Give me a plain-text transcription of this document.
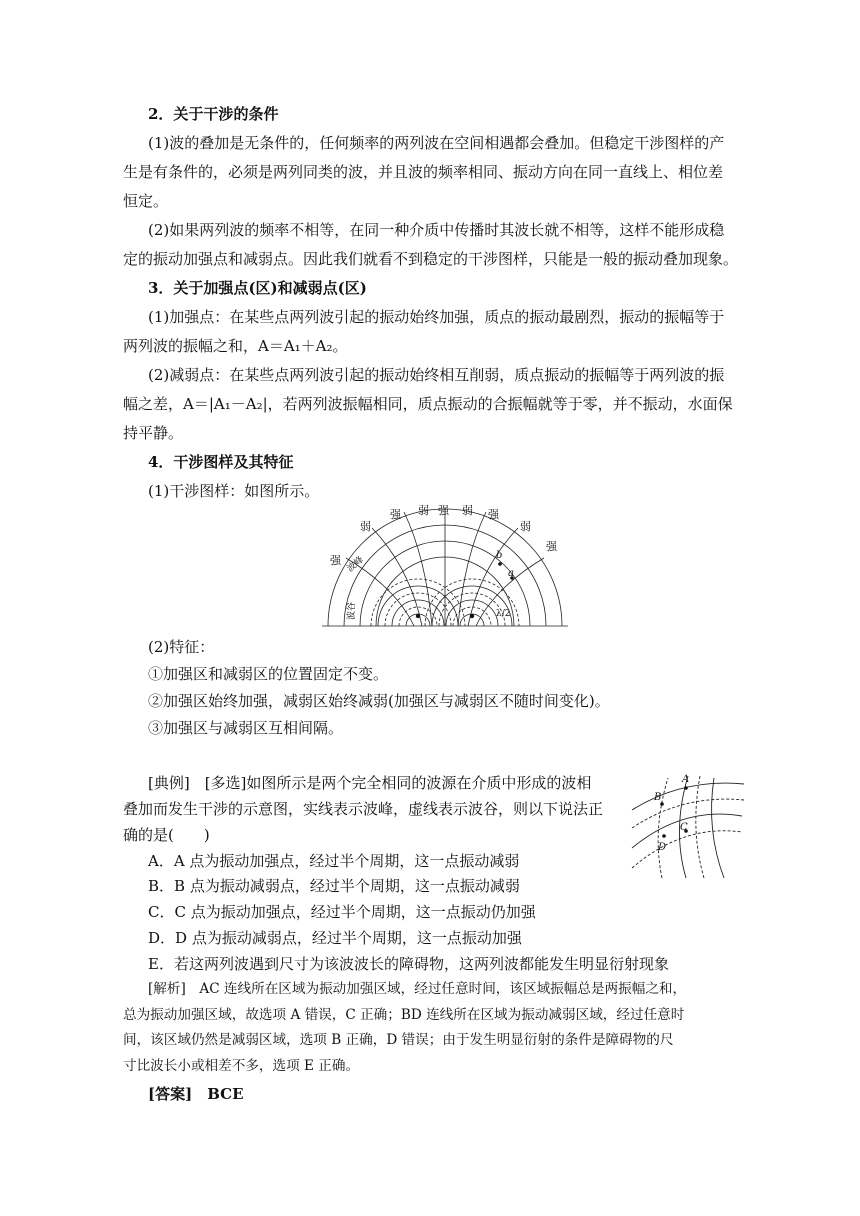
2．关于干涉的条件
(1)波的叠加是无条件的，任何频率的两列波在空间相遇都会叠加。但稳定干涉图样的产
生是有条件的，必须是两列同类的波，并且波的频率相同、振动方向在同一直线上、相位差
恒定。
(2)如果两列波的频率不相等，在同一种介质中传播时其波长就不相等，这样不能形成稳
定的振动加强点和减弱点。因此我们就看不到稳定的干涉图样，只能是一般的振动叠加现象。
3．关于加强点(区)和减弱点(区)
(1)加强点：在某些点两列波引起的振动始终加强，质点的振动最剧烈，振动的振幅等于
两列波的振幅之和，A＝A₁＋A₂。
(2)减弱点：在某些点两列波引起的振动始终相互削弱，质点振动的振幅等于两列波的振
幅之差，A＝|A₁－A₂|，若两列波振幅相同，质点振动的合振幅就等于零，并不振动，水面保
持平静。
4．干涉图样及其特征
(1)干涉图样：如图所示。
强
弱
强 弱 强 弱 强
弱
强
波峰
波谷
b
a
λ/2
(2)特征：
①加强区和减弱区的位置固定不变。
②加强区始终加强，减弱区始终减弱(加强区与减弱区不随时间变化)。
③加强区与减弱区互相间隔。
[典例]　[多选]如图所示是两个完全相同的波源在介质中形成的波相
叠加而发生干涉的示意图，实线表示波峰，虚线表示波谷，则以下说法正
确的是(　　)
A
B
C
D
A．A 点为振动加强点，经过半个周期，这一点振动减弱
B．B 点为振动减弱点，经过半个周期，这一点振动减弱
C．C 点为振动加强点，经过半个周期，这一点振动仍加强
D．D 点为振动减弱点，经过半个周期，这一点振动加强
E．若这两列波遇到尺寸为该波波长的障碍物，这两列波都能发生明显衍射现象
[解析]　AC 连线所在区域为振动加强区域，经过任意时间，该区域振幅总是两振幅之和，
总为振动加强区域，故选项 A 错误，C 正确；BD 连线所在区域为振动减弱区域，经过任意时
间，该区域仍然是减弱区域，选项 B 正确，D 错误；由于发生明显衍射的条件是障碍物的尺
寸比波长小或相差不多，选项 E 正确。
[答案]　BCE
